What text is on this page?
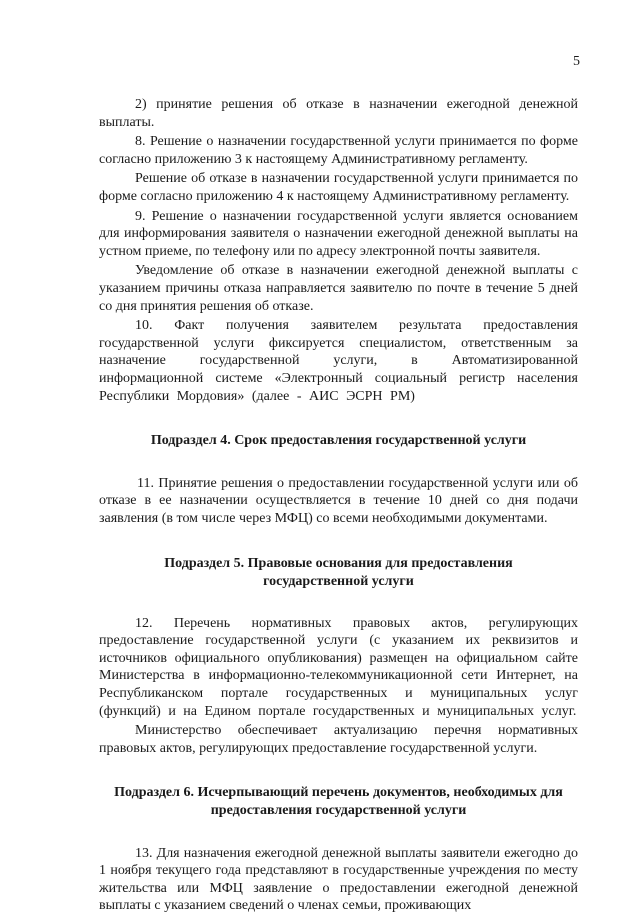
5

2) принятие решения об отказе в назначении ежегодной денежной выплаты.

8. Решение о назначении государственной услуги принимается по форме согласно приложению 3 к настоящему Административному регламенту.

Решение об отказе в назначении государственной услуги принимается по форме согласно приложению 4 к настоящему Административному регламенту.

9. Решение о назначении государственной услуги является основанием для информирования заявителя о назначении ежегодной денежной выплаты на устном приеме, по телефону или по адресу электронной почты заявителя.

Уведомление об отказе в назначении ежегодной денежной выплаты с указанием причины отказа направляется заявителю по почте в течение 5 дней со дня принятия решения об отказе.

10. Факт получения заявителем результата предоставления государственной услуги фиксируется специалистом, ответственным за назначение государственной услуги, в Автоматизированной информационной системе «Электронный социальный регистр населения Республики Мордовия» (далее - АИС ЭСРН РМ)

Подраздел 4. Срок предоставления государственной услуги

11. Принятие решения о предоставлении государственной услуги или об отказе в ее назначении осуществляется в течение 10 дней со дня подачи заявления (в том числе через МФЦ) со всеми необходимыми документами.

Подраздел 5. Правовые основания для предоставления
государственной услуги

12. Перечень нормативных правовых актов, регулирующих предоставление государственной услуги (с указанием их реквизитов и источников официального опубликования) размещен на официальном сайте Министерства в информационно-телекоммуникационной сети Интернет, на Республиканском портале государственных и муниципальных услуг (функций) и на Едином портале государственных и муниципальных услуг.

Министерство обеспечивает актуализацию перечня нормативных правовых актов, регулирующих предоставление государственной услуги.

Подраздел 6. Исчерпывающий перечень документов, необходимых для
предоставления государственной услуги

13. Для назначения ежегодной денежной выплаты заявители ежегодно до 1 ноября текущего года представляют в государственные учреждения по месту жительства или МФЦ заявление о предоставлении ежегодной денежной выплаты с указанием сведений о членах семьи, проживающих
